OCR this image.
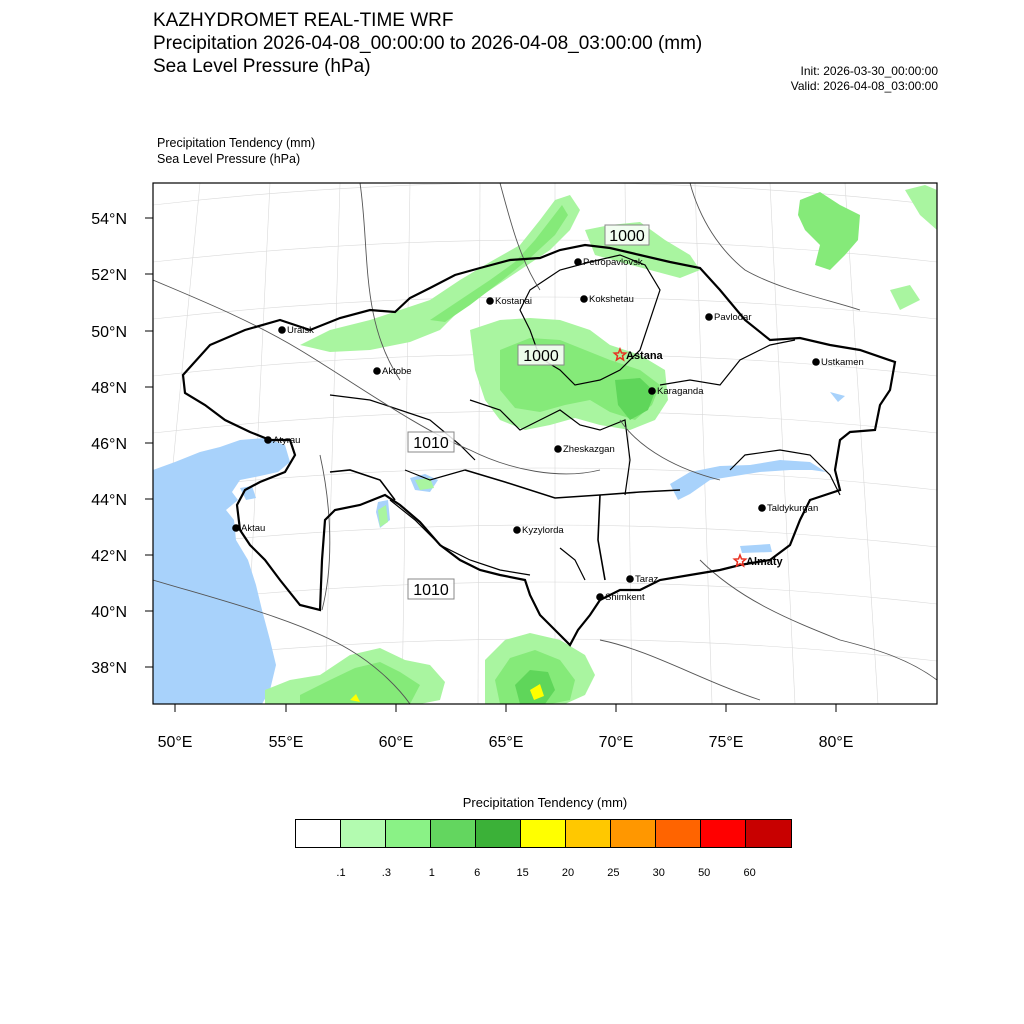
KAZHYDROMET REAL-TIME WRF
Precipitation 2026-04-08_00:00:00 to 2026-04-08_03:00:00 (mm)
Sea Level Pressure (hPa)	Init: 2026-03-30_00:00:00
Valid: 2026-04-08_03:00:00
Precipitation Tendency (mm)
Sea Level Pressure (hPa)
1000
1000
1010
1010
Petropavlovsk
Kostanai	Kokshetau
Pavlodar
Uralsk
Astana
Ustkamen
Aktobe
Karaganda
Atyrau
Zheskazgan
Aktau	Kyzylorda
Taldykurgan
Almaty
Taraz
Shimkent
54°N
52°N
50°N
48°N
46°N
44°N
42°N
40°N
38°N
50°E	55°E	60°E	65°E	70°E	75°E	80°E
Precipitation Tendency (mm)
.1	.3	1	6	15	20	25	30	50	60
